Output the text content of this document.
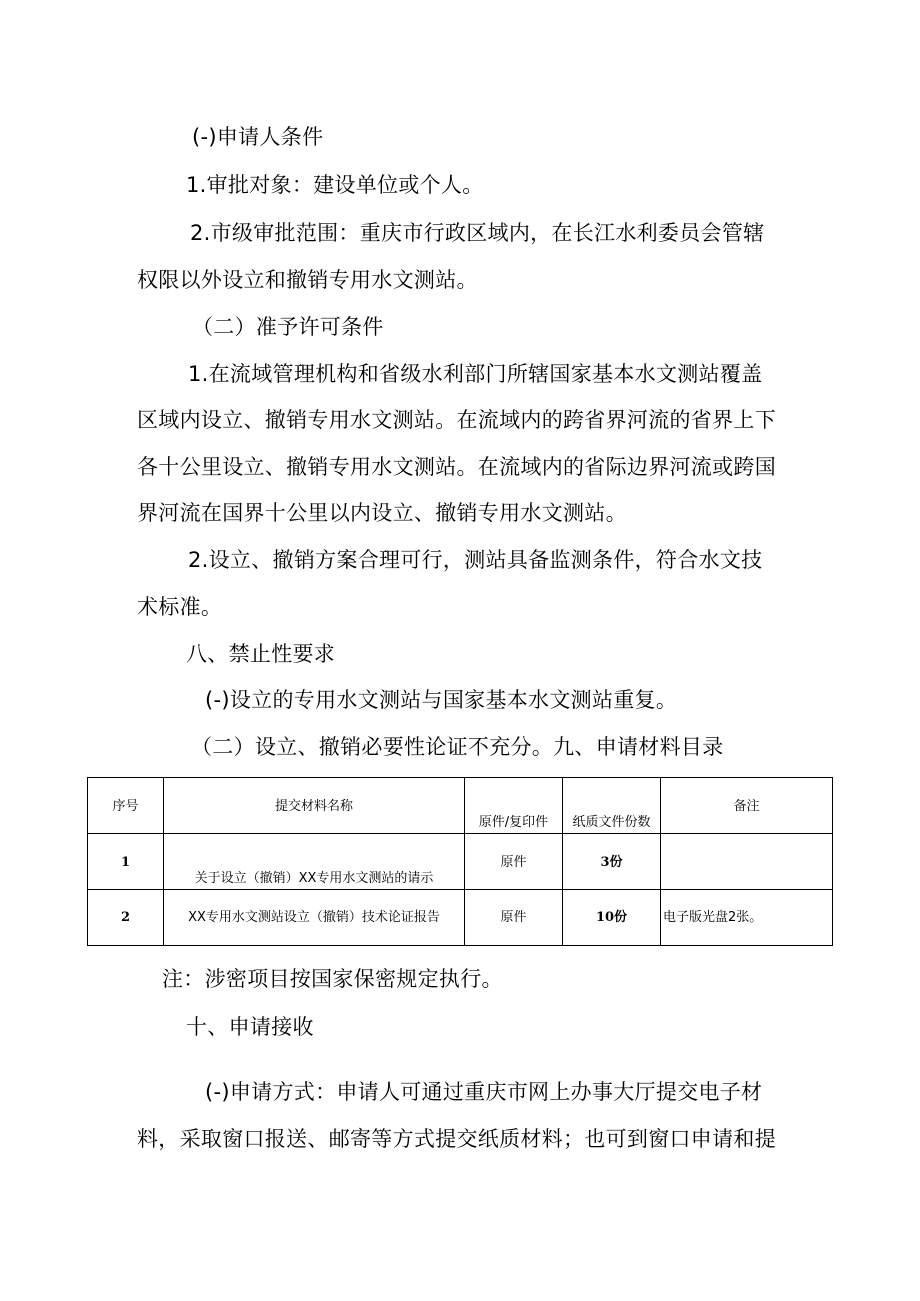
(-)申请人条件
1.审批对象：建设单位或个人。
2.市级审批范围：重庆市行政区域内，在长江水利委员会管辖
权限以外设立和撤销专用水文测站。
（二）准予许可条件
1.在流域管理机构和省级水利部门所辖国家基本水文测站覆盖
区域内设立、撤销专用水文测站。在流域内的跨省界河流的省界上下
各十公里设立、撤销专用水文测站。在流域内的省际边界河流或跨国
界河流在国界十公里以内设立、撤销专用水文测站。
2.设立、撤销方案合理可行，测站具备监测条件，符合水文技
术标准。
八、禁止性要求
(-)设立的专用水文测站与国家基本水文测站重复。
（二）设立、撤销必要性论证不充分。九、申请材料目录
序号	提交材料名称	原件/复印件	纸质文件份数	备注
1	关于设立（撤销）XX专用水文测站的请示	原件	3份	
2	XX专用水文测站设立（撤销）技术论证报告	原件	10份	电子版光盘2张。
注：涉密项目按国家保密规定执行。
十、申请接收
(-)申请方式：申请人可通过重庆市网上办事大厅提交电子材
料，采取窗口报送、邮寄等方式提交纸质材料；也可到窗口申请和提
